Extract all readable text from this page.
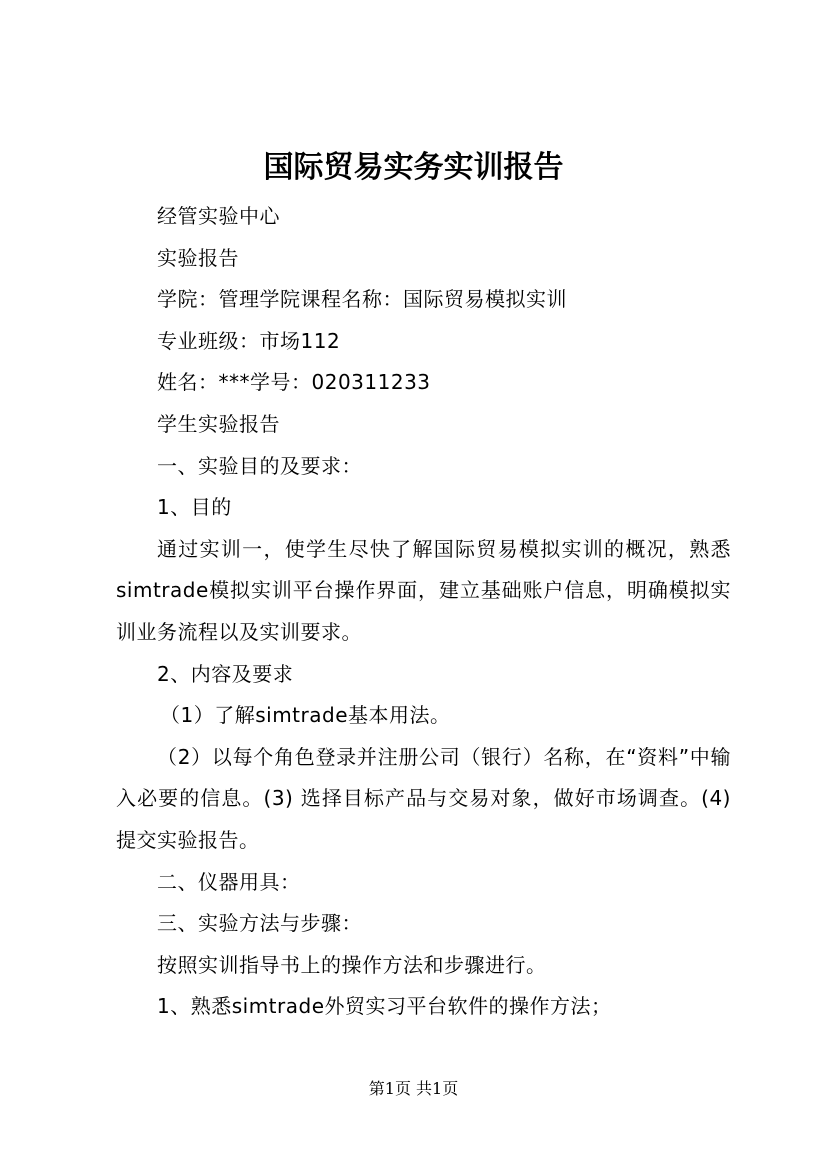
国际贸易实务实训报告

经管实验中心

实验报告

学院：管理学院课程名称：国际贸易模拟实训

专业班级：市场112

姓名：***学号：020311233

学生实验报告

一、实验目的及要求：

1、目的

通过实训一，使学生尽快了解国际贸易模拟实训的概况，熟悉simtrade模拟实训平台操作界面，建立基础账户信息，明确模拟实训业务流程以及实训要求。

2、内容及要求

（1）了解simtrade基本用法。

（2）以每个角色登录并注册公司（银行）名称，在“资料”中输入必要的信息。(3) 选择目标产品与交易对象，做好市场调查。(4) 提交实验报告。

二、仪器用具：

三、实验方法与步骤：

按照实训指导书上的操作方法和步骤进行。

1、熟悉simtrade外贸实习平台软件的操作方法；

第1页 共1页
